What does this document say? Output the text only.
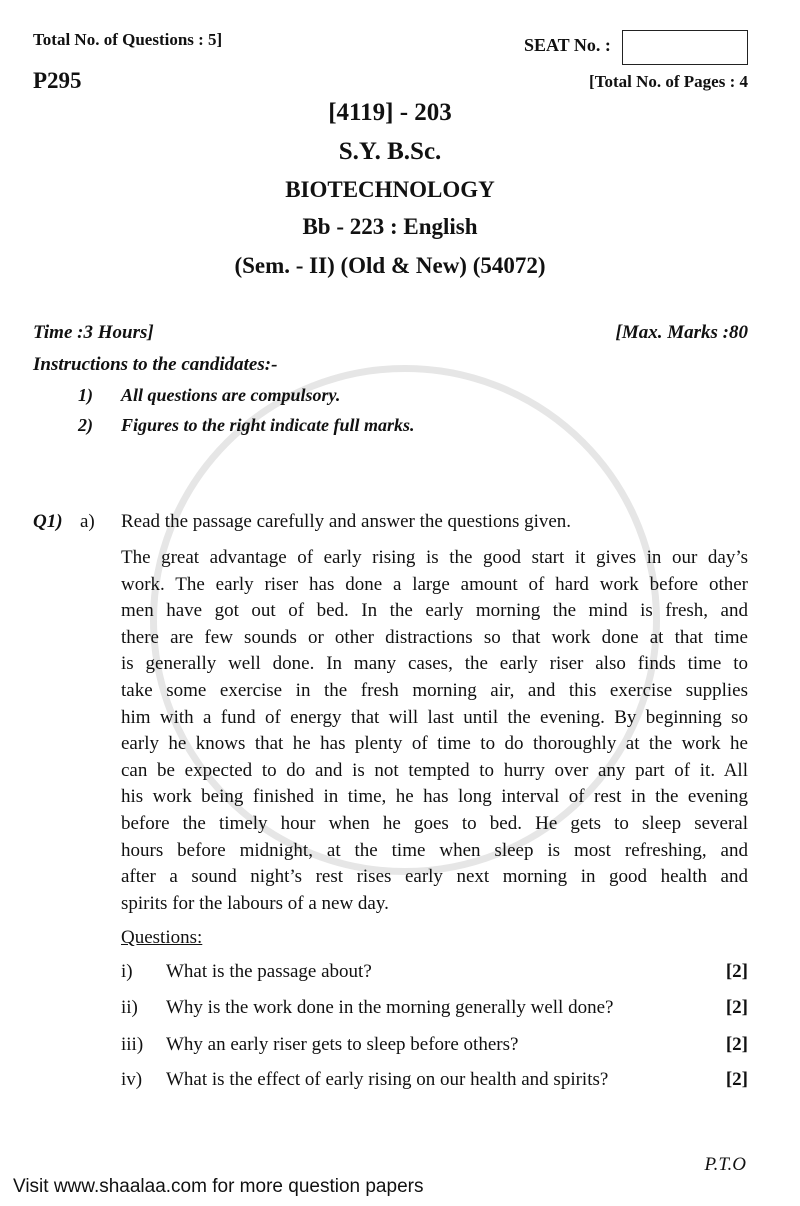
Total No. of Questions : 5]	SEAT No. :
P295	[Total No. of Pages : 4
[4119] - 203
S.Y. B.Sc.
BIOTECHNOLOGY
Bb - 223 : English
(Sem. - II) (Old & New) (54072)
Time :3 Hours]	[Max. Marks :80
Instructions to the candidates:-
1) All questions are compulsory.
2) Figures to the right indicate full marks.
Q1) a) Read the passage carefully and answer the questions given.
The great advantage of early rising is the good start it gives in our day’s
work. The early riser has done a large amount of hard work before other
men have got out of bed. In the early morning the mind is fresh, and
there are few sounds or other distractions so that work done at that time
is generally well done. In many cases, the early riser also finds time to
take some exercise in the fresh morning air, and this exercise supplies
him with a fund of energy that will last until the evening. By beginning so
early he knows that he has plenty of time to do thoroughly at the work he
can be expected to do and is not tempted to hurry over any part of it. All
his work being finished in time, he has long interval of rest in the evening
before the timely hour when he goes to bed. He gets to sleep several
hours before midnight, at the time when sleep is most refreshing, and
after a sound night’s rest rises early next morning in good health and
spirits for the labours of a new day.
Questions:
i) What is the passage about?	[2]
ii) Why is the work done in the morning generally well done?	[2]
iii) Why an early riser gets to sleep before others?	[2]
iv) What is the effect of early rising on our health and spirits?	[2]
P.T.O
Visit www.shaalaa.com for more question papers
